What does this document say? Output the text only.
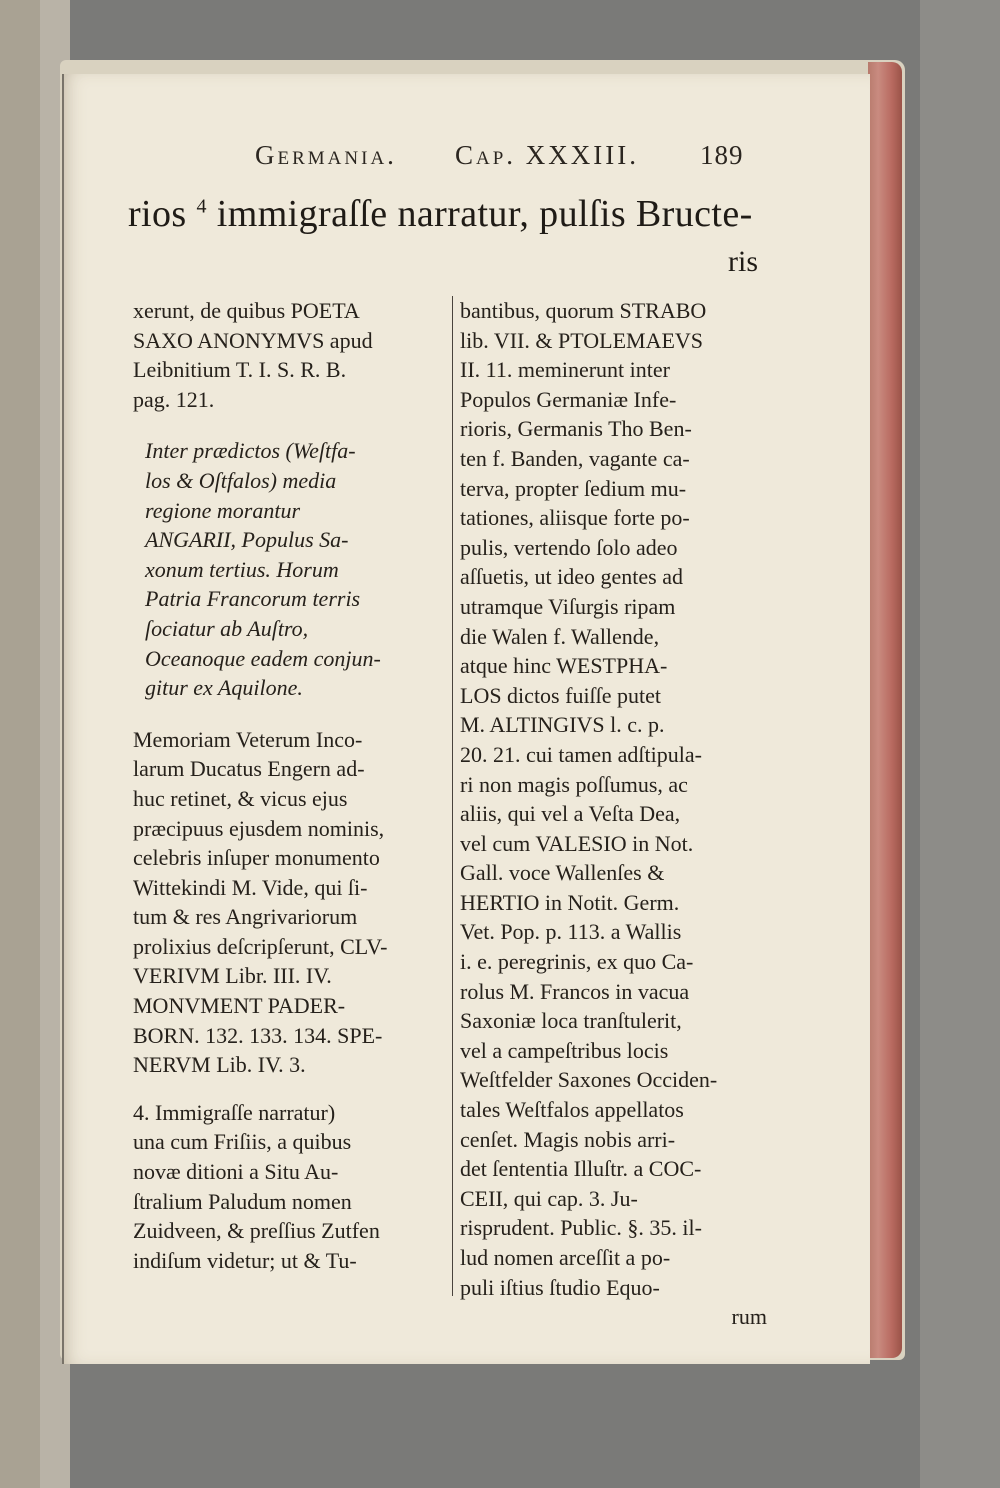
Germania. Cap. XXXIII. 189
rios $^4$ immigraſſe narratur, pulſis Bructe-
ris

xerunt, de quibus POETA

SAXO ANONYMVS apud

Leibnitium T. I. S. R. B.

pag. 121.

Inter prædictos (Weſtfa-

los & Oſtfalos) media

regione morantur

ANGARII, Populus Sa-

xonum tertius. Horum

Patria Francorum terris

ſociatur ab Auſtro,

Oceanoque eadem conjun-

gitur ex Aquilone.

Memoriam Veterum Inco-

larum Ducatus Engern ad-

huc retinet, & vicus ejus

præcipuus ejusdem nominis,

celebris inſuper monumento

Wittekindi M. Vide, qui ſi-

tum & res Angrivariorum

prolixius deſcripſerunt, CLV-

VERIVM Libr. III. IV.

MONVMENT PADER-

BORN. 132. 133. 134. SPE-

NERVM Lib. IV. 3.

4. Immigraſſe narratur)

una cum Friſiis, a quibus

novæ ditioni a Situ Au-

ſtralium Paludum nomen

Zuidveen, & preſſius Zutfen

indiſum videtur; ut & Tu-

bantibus, quorum STRABO

lib. VII. & PTOLEMAEVS

II. 11. meminerunt inter

Populos Germaniæ Infe-

rioris, Germanis Tho Ben-

ten f. Banden, vagante ca-

terva, propter ſedium mu-

tationes, aliisque forte po-

pulis, vertendo ſolo adeo

aſſuetis, ut ideo gentes ad

utramque Viſurgis ripam

die Walen f. Wallende,

atque hinc WESTPHA-

LOS dictos fuiſſe putet

M. ALTINGIVS l. c. p.

20. 21. cui tamen adſtipula-

ri non magis poſſumus, ac

aliis, qui vel a Veſta Dea,

vel cum VALESIO in Not.

Gall. voce Wallenſes &

HERTIO in Notit. Germ.

Vet. Pop. p. 113. a Wallis

i. e. peregrinis, ex quo Ca-

rolus M. Francos in vacua

Saxoniæ loca tranſtulerit,

vel a campeſtribus locis

Weſtfelder Saxones Occiden-

tales Weſtfalos appellatos

cenſet. Magis nobis arri-

det ſententia Illuſtr. a COC-

CEII, qui cap. 3. Ju-

risprudent. Public. §. 35. il-

lud nomen arceſſit a po-

puli iſtius ſtudio Equo-

rum
